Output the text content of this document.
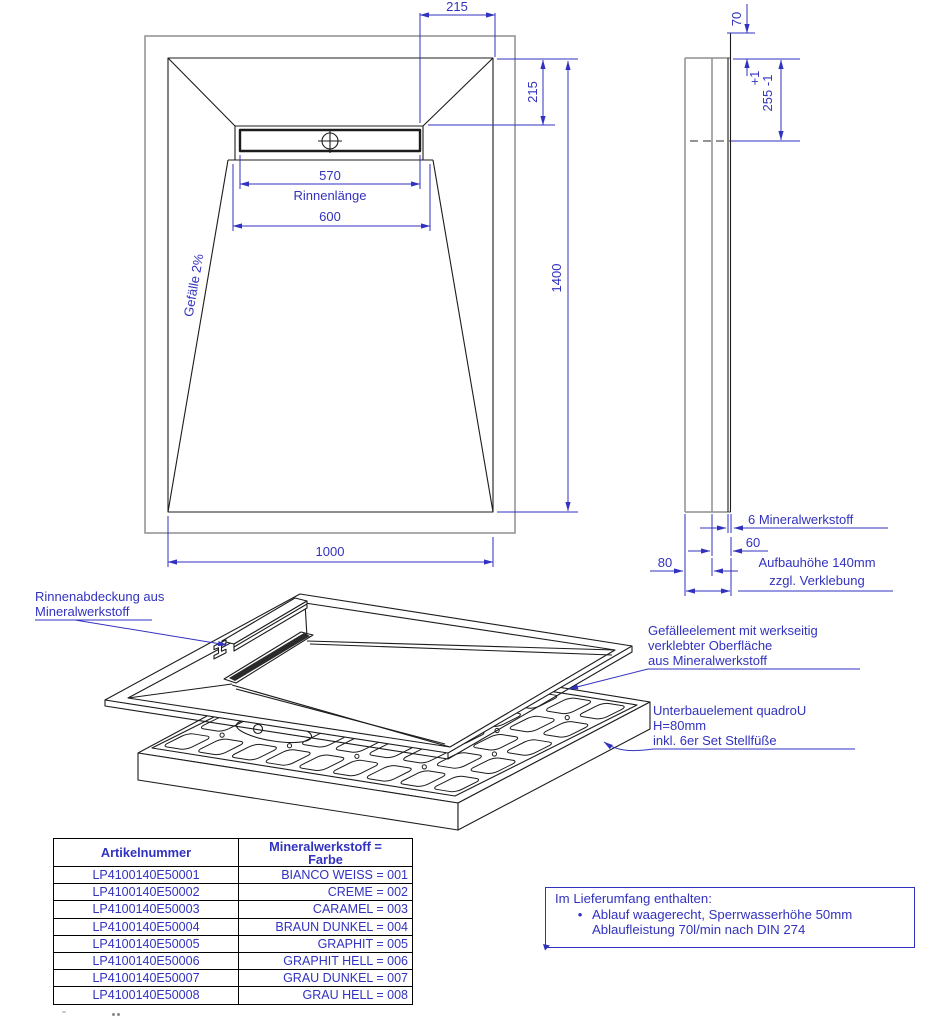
215
215
1400
570
Rinnenlänge
600
Gefälle 2%
1000
70
255 -1
+1
6 Mineralwerkstoff
60
80	Aufbauhöhe 140mm
zzgl. Verklebung
Rinnenabdeckung aus
Mineralwerkstoff
Gefälleelement mit werkseitig
verklebter Oberfläche
aus Mineralwerkstoff
Unterbauelement quadroU
H=80mm
inkl. 6er Set Stellfüße
Artikelnummer	Mineralwerkstoff =
Farbe
LP4100140E50001	BIANCO WEISS = 001
LP4100140E50002	CREME = 002
LP4100140E50003	CARAMEL = 003
LP4100140E50004	BRAUN DUNKEL = 004
LP4100140E50005	GRAPHIT = 005
LP4100140E50006	GRAPHIT HELL = 006
LP4100140E50007	GRAU DUNKEL = 007
LP4100140E50008	GRAU HELL = 008
Im Lieferumfang enthalten:
• Ablauf waagerecht, Sperrwasserhöhe 50mm
Ablaufleistung 70l/min nach DIN 274
